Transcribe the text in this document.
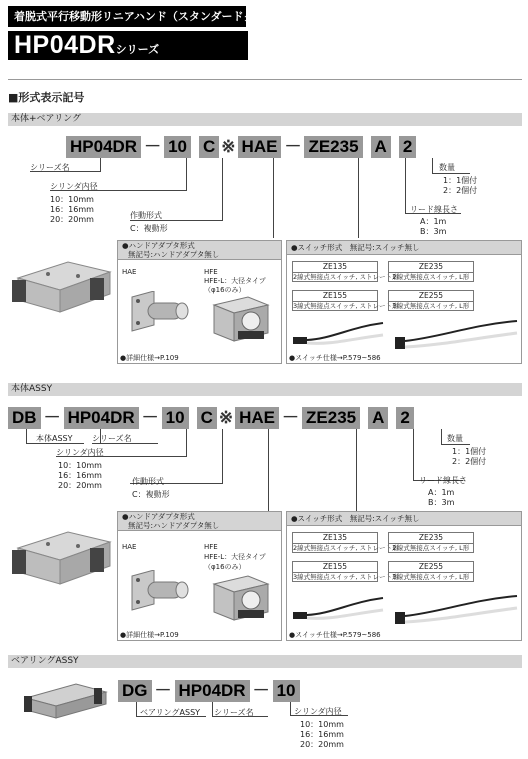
着脱式平行移動形リニアハンド（スタンダードタイプ）
HP04DRシリーズ
■形式表示記号
本体+ベアリング
HP04DR － 10 C ※ HAE － ZE235 A 2
シリーズ名
シリンダ内径
10：10mm
16：16mm
20：20mm	作動形式
C：複動形
数量
1：1個付
2：2個付
リード線長さ
A：1m
B：3m
●ハンドアダプタ形式
無記号:ハンドアダプタ無し
HAE	HFE
HFE-L：大径タイプ
（φ16のみ）
●詳細仕様→P.109
●スイッチ形式　無記号:スイッチ無し
ZE135
2線式無接点スイッチ, ストレート形
ZE235
2線式無接点スイッチ, L形
ZE155
3線式無接点スイッチ, ストレート形
ZE255
3線式無接点スイッチ, L形
●スイッチ仕様→P.579~586
本体ASSY
DB － HP04DR － 10 C ※ HAE － ZE235 A 2
本体ASSY シリーズ名
シリンダ内径
10：10mm
16：16mm
20：20mm	作動形式
C：複動形
数量
1：1個付
2：2個付
リード線長さ
A：1m
B：3m
●ハンドアダプタ形式
無記号:ハンドアダプタ無し
HAE	HFE
HFE-L：大径タイプ
（φ16のみ）
●詳細仕様→P.109
●スイッチ形式　無記号:スイッチ無し
ZE135
2線式無接点スイッチ, ストレート形
ZE235
2線式無接点スイッチ, L形
ZE155
3線式無接点スイッチ, ストレート形
ZE255
3線式無接点スイッチ, L形
●スイッチ仕様→P.579~586
ベアリングASSY
DG － HP04DR － 10
ベアリングASSY シリーズ名	シリンダ内径
10：10mm
16：16mm
20：20mm
